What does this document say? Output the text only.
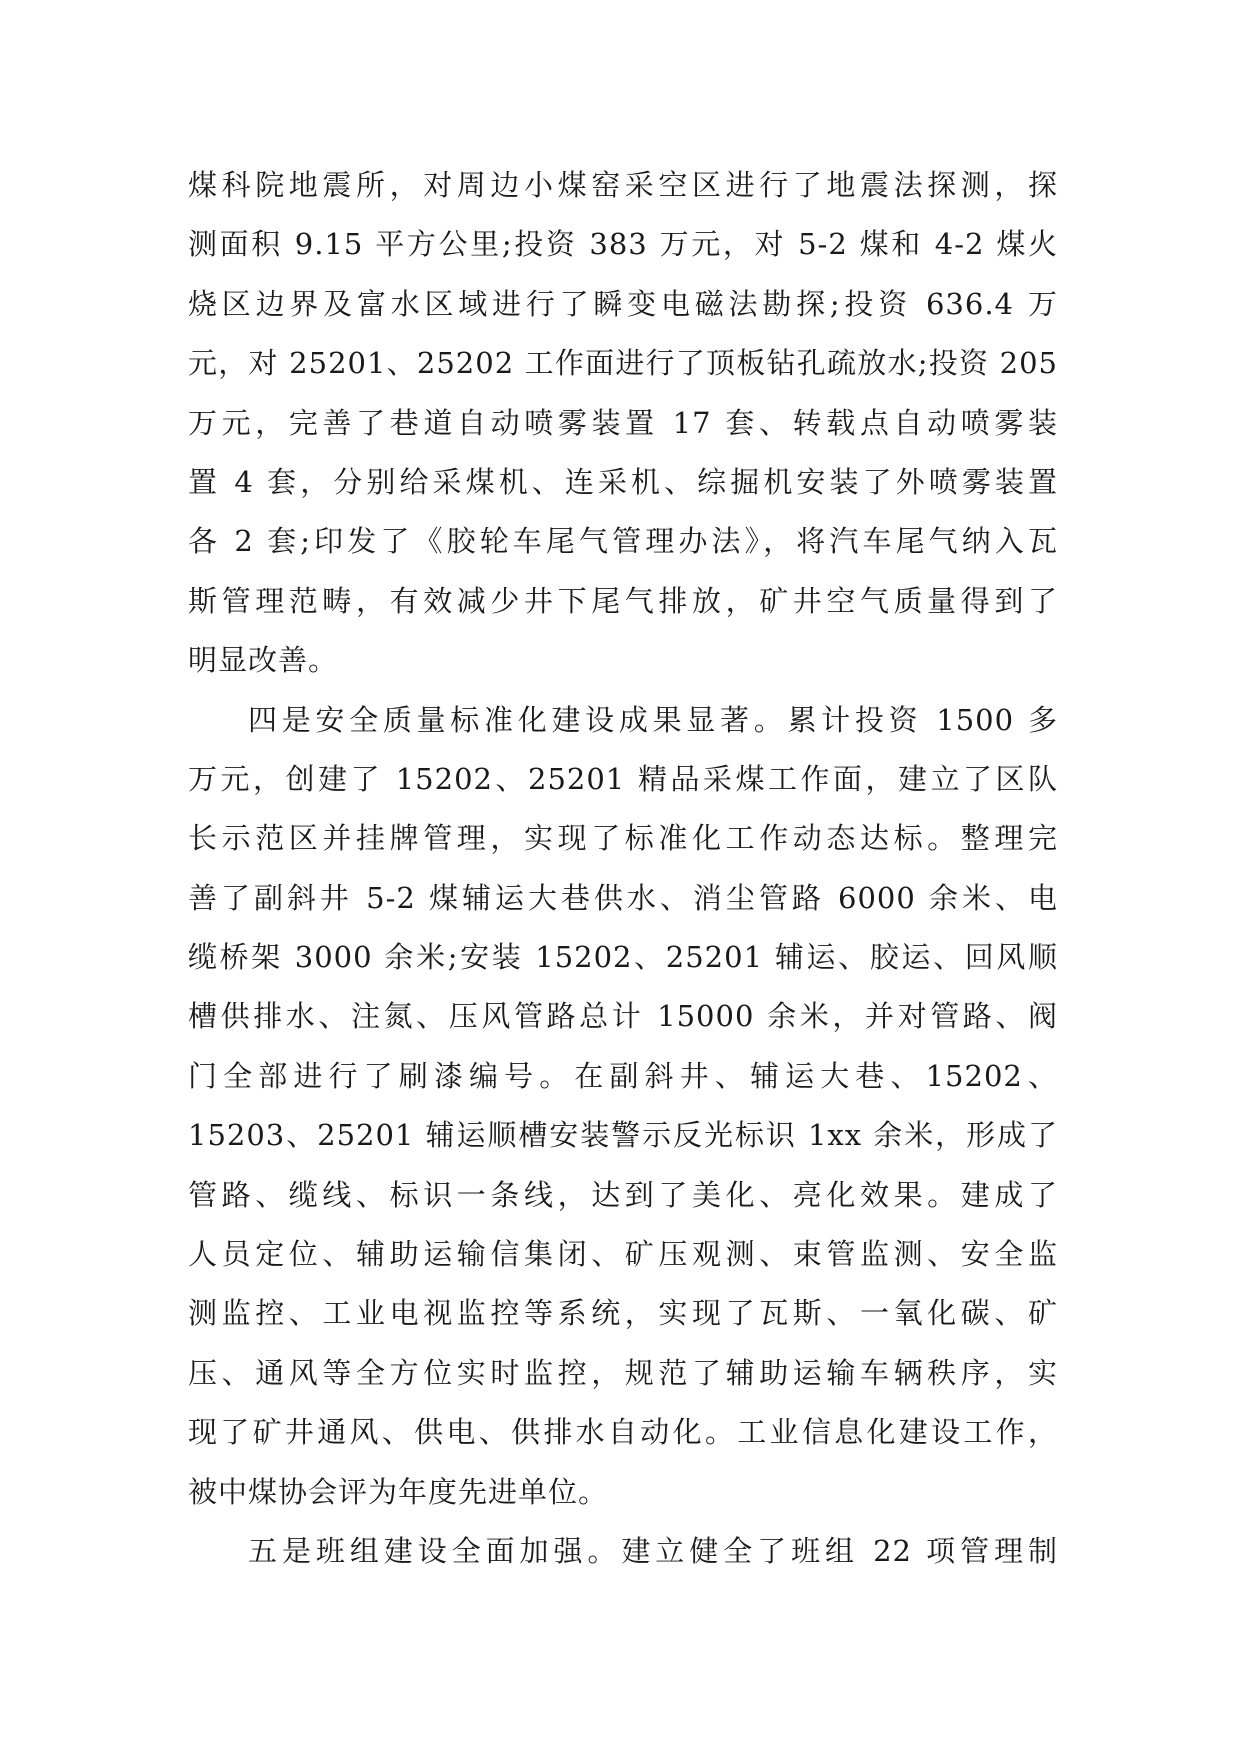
煤科院地震所，对周边小煤窑采空区进行了地震法探测，探
测面积 9.15 平方公里;投资 383 万元，对 5-2 煤和 4-2 煤火
烧区边界及富水区域进行了瞬变电磁法勘探;投资 636.4 万
元，对 25201、25202 工作面进行了顶板钻孔疏放水;投资 205
万元，完善了巷道自动喷雾装置 17 套、转载点自动喷雾装
置 4 套，分别给采煤机、连采机、综掘机安装了外喷雾装置
各 2 套;印发了《胶轮车尾气管理办法》，将汽车尾气纳入瓦
斯管理范畴，有效减少井下尾气排放，矿井空气质量得到了
明显改善。
四是安全质量标准化建设成果显著。累计投资 1500 多
万元，创建了 15202、25201 精品采煤工作面，建立了区队
长示范区并挂牌管理，实现了标准化工作动态达标。整理完
善了副斜井 5-2 煤辅运大巷供水、消尘管路 6000 余米、电
缆桥架 3000 余米;安装 15202、25201 辅运、胶运、回风顺
槽供排水、注氮、压风管路总计 15000 余米，并对管路、阀
门全部进行了刷漆编号。在副斜井、辅运大巷、15202、
15203、25201 辅运顺槽安装警示反光标识 1xx 余米，形成了
管路、缆线、标识一条线，达到了美化、亮化效果。建成了
人员定位、辅助运输信集闭、矿压观测、束管监测、安全监
测监控、工业电视监控等系统，实现了瓦斯、一氧化碳、矿
压、通风等全方位实时监控，规范了辅助运输车辆秩序，实
现了矿井通风、供电、供排水自动化。工业信息化建设工作，
被中煤协会评为年度先进单位。
五是班组建设全面加强。建立健全了班组 22 项管理制
